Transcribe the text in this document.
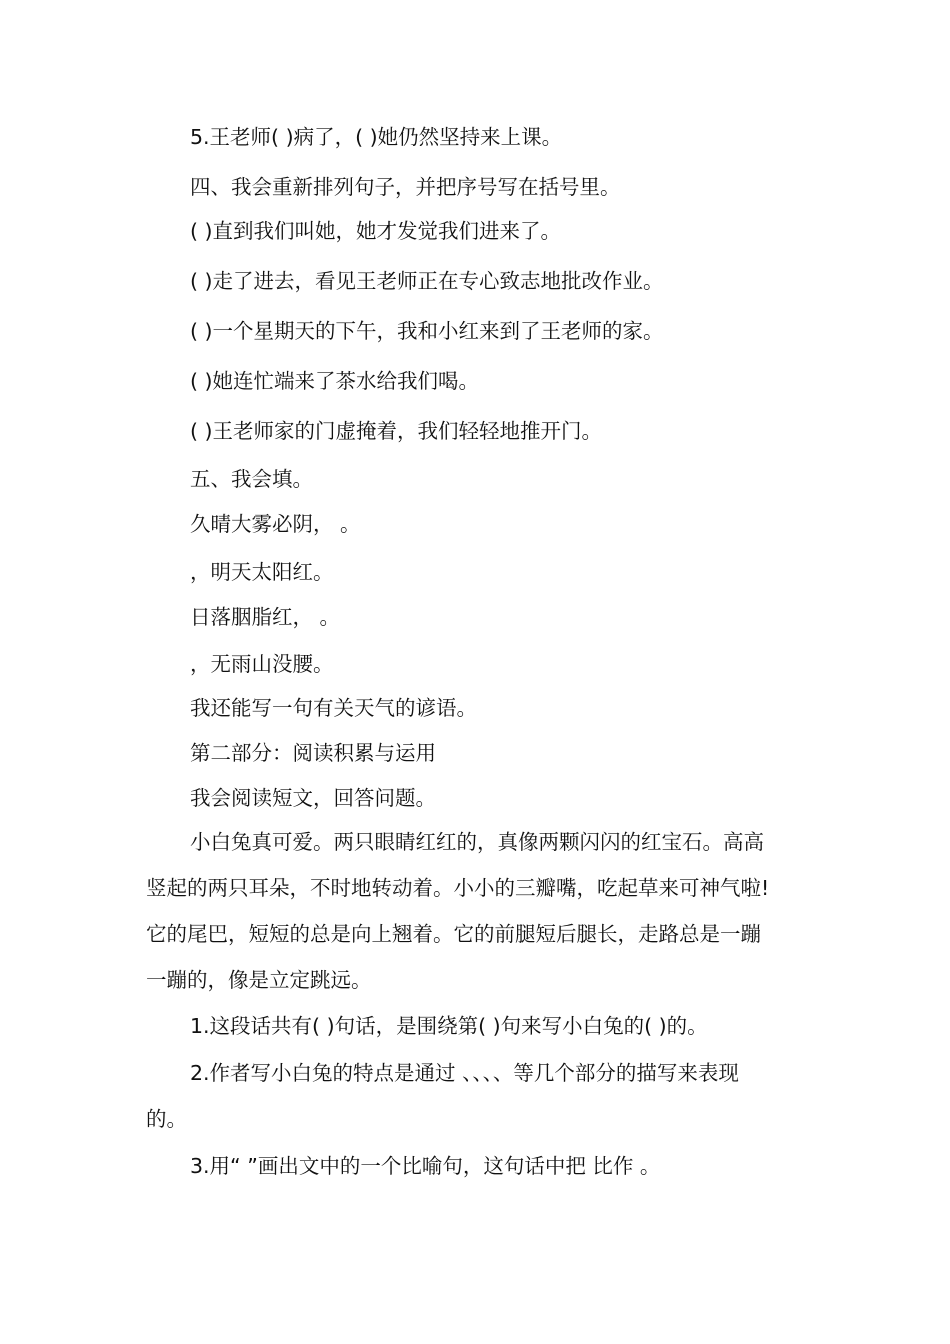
5.王老师( )病了，( )她仍然坚持来上课。
四、我会重新排列句子，并把序号写在括号里。
( )直到我们叫她，她才发觉我们进来了。
( )走了进去，看见王老师正在专心致志地批改作业。
( )一个星期天的下午，我和小红来到了王老师的家。
( )她连忙端来了茶水给我们喝。
( )王老师家的门虚掩着，我们轻轻地推开门。
五、我会填。
久晴大雾必阴， 。
，明天太阳红。
日落胭脂红， 。
，无雨山没腰。
我还能写一句有关天气的谚语。
第二部分：阅读积累与运用
我会阅读短文，回答问题。
小白兔真可爱。两只眼睛红红的，真像两颗闪闪的红宝石。高高
竖起的两只耳朵，不时地转动着。小小的三瓣嘴，吃起草来可神气啦!
它的尾巴，短短的总是向上翘着。它的前腿短后腿长，走路总是一蹦
一蹦的，像是立定跳远。
1.这段话共有( )句话，是围绕第( )句来写小白兔的( )的。
2.作者写小白兔的特点是通过 、、、、等几个部分的描写来表现
的。
3.用“ ”画出文中的一个比喻句，这句话中把 比作 。
